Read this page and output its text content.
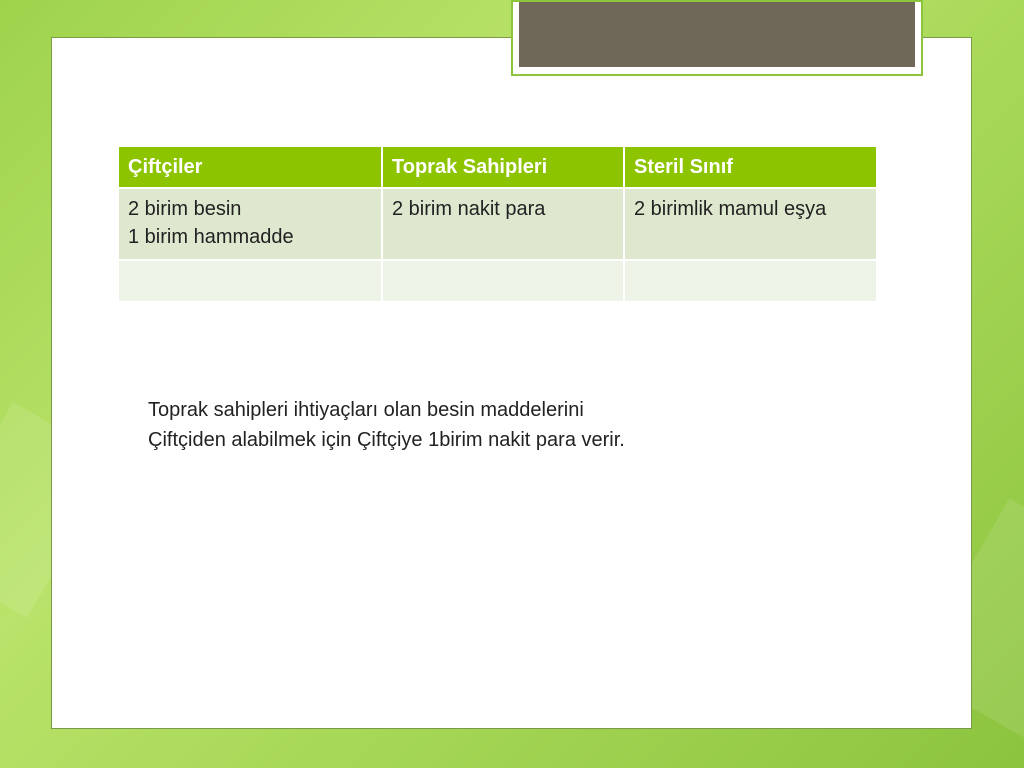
Çiftçiler	Toprak Sahipleri	Steril Sınıf

2 birim besin
1 birim hammadde	2 birim nakit para	2 birimlik mamul eşya

Toprak sahipleri ihtiyaçları olan besin maddelerini
Çiftçiden alabilmek için Çiftçiye 1birim nakit para verir.
